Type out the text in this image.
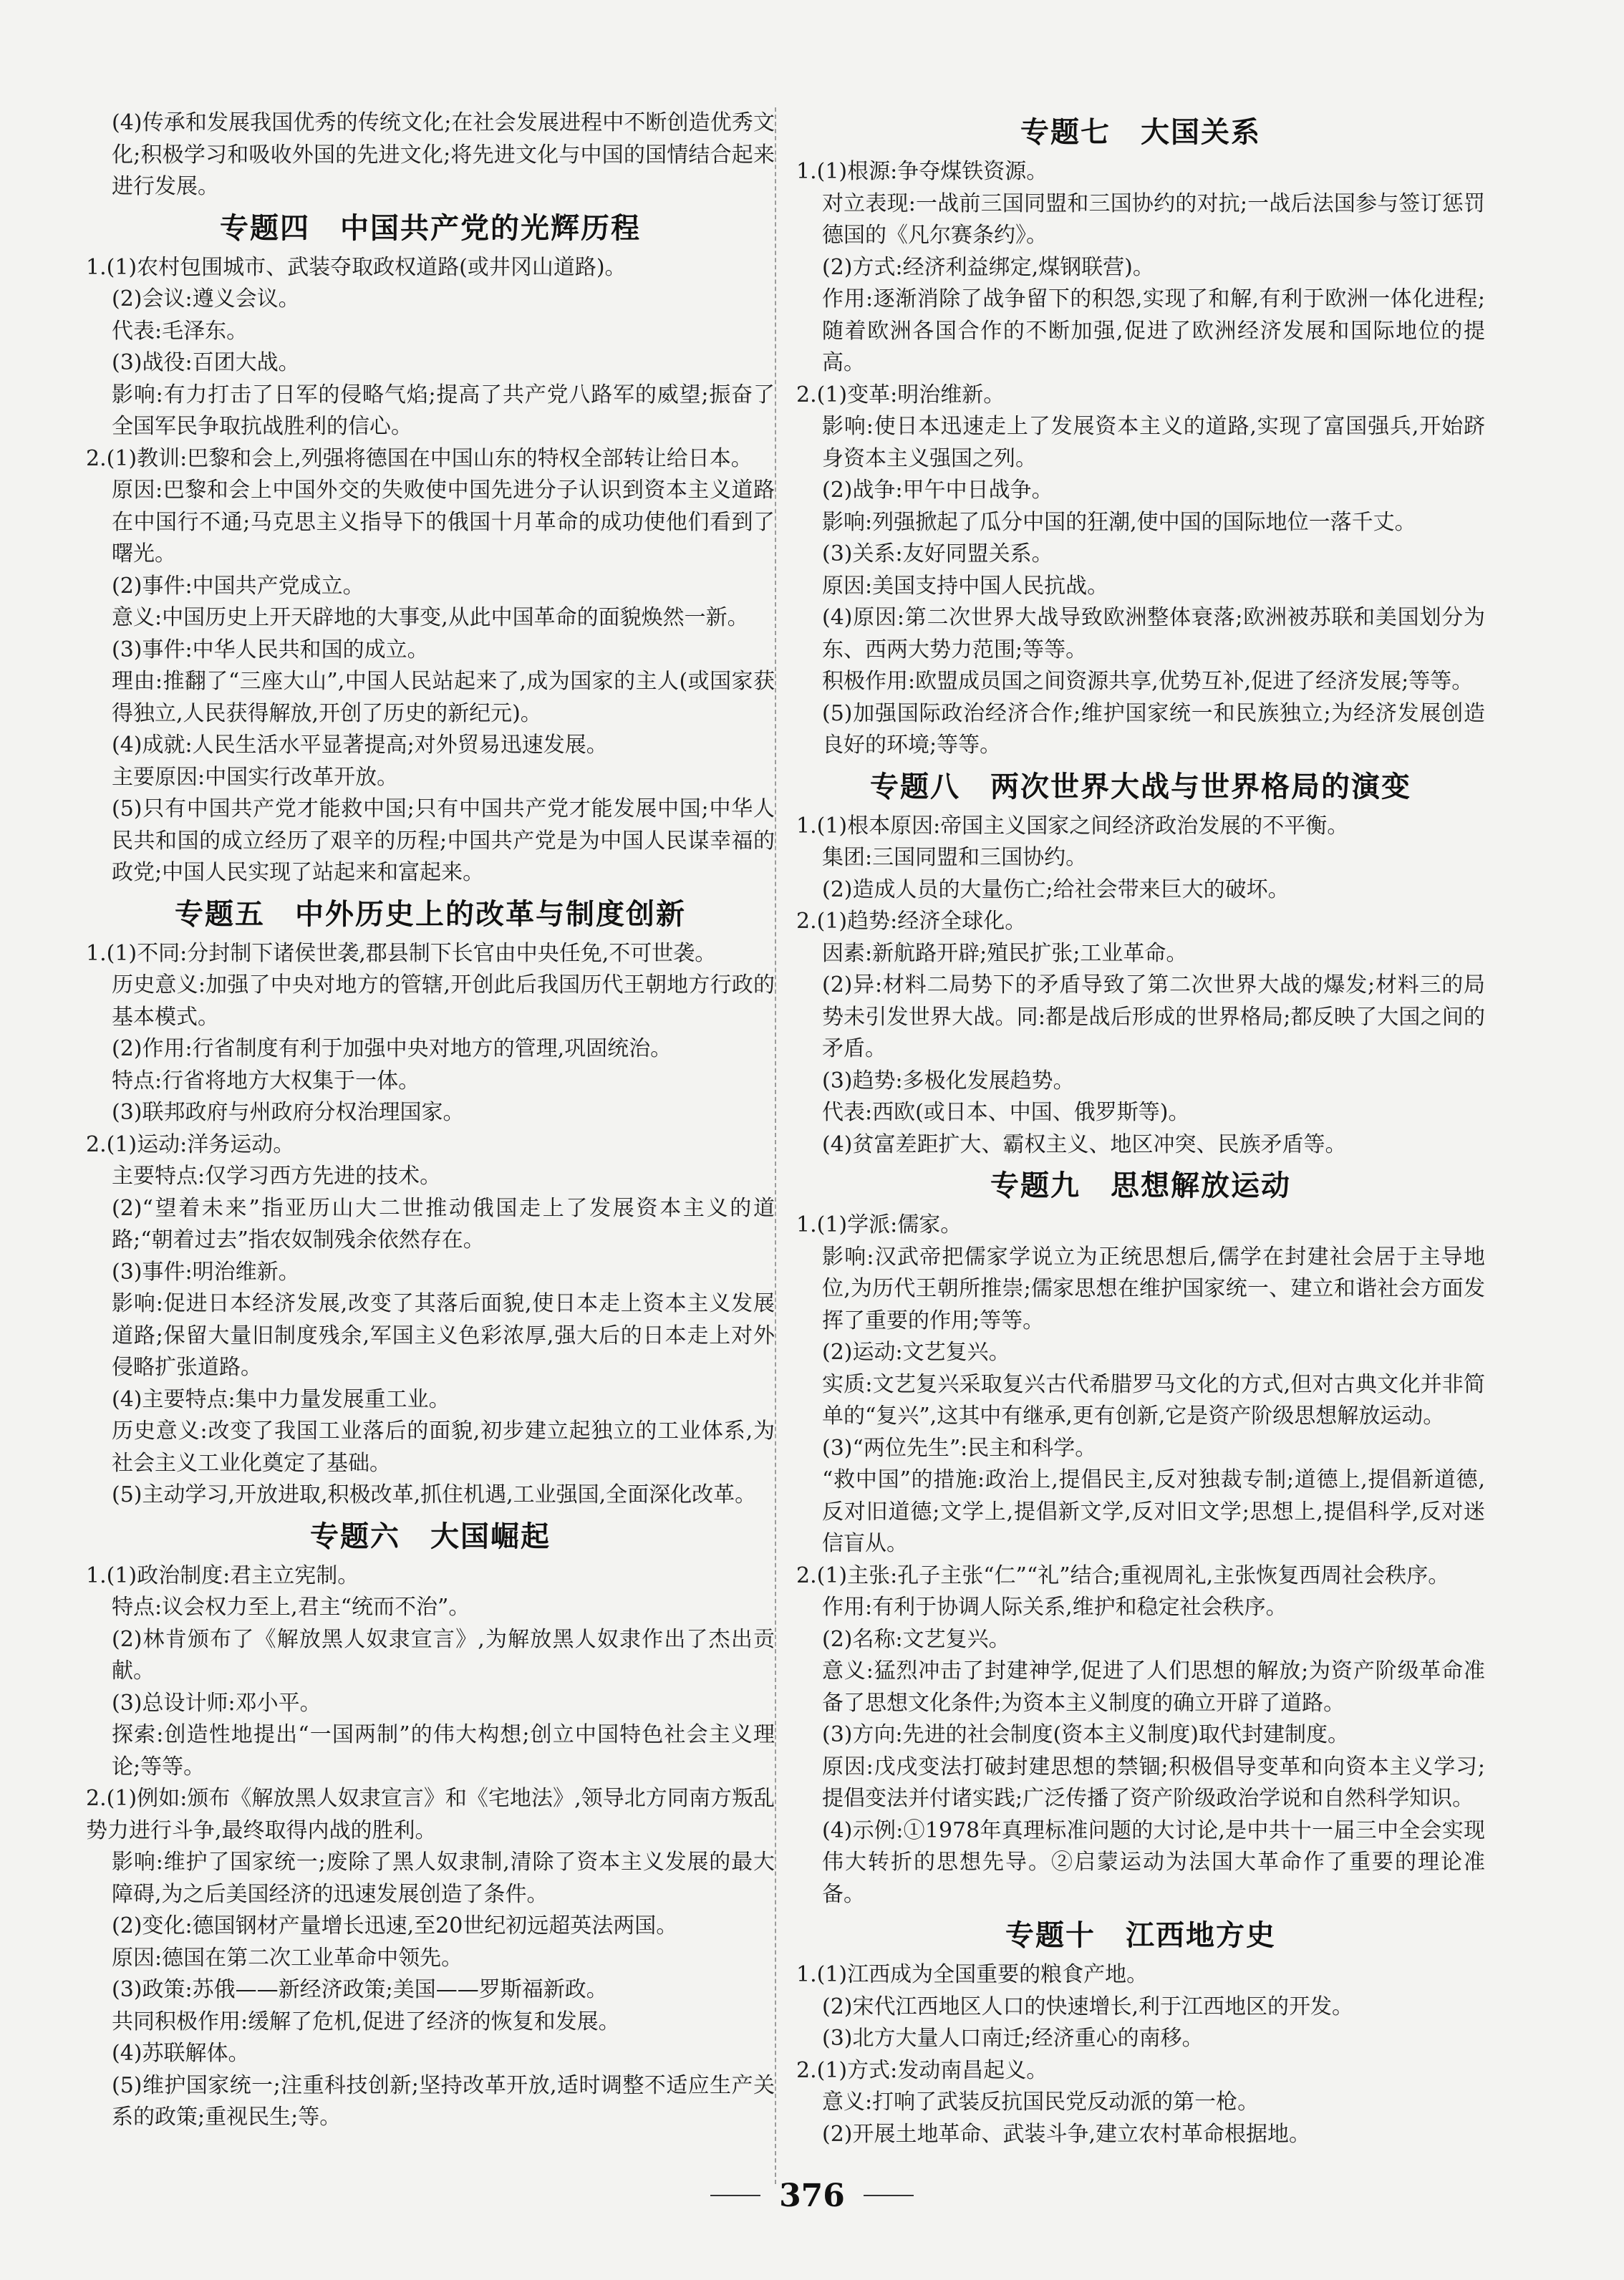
(4)传承和发展我国优秀的传统文化;在社会发展进程中不断创造优秀文化;积极学习和吸收外国的先进文化;将先进文化与中国的国情结合起来进行发展。

专题四　中国共产党的光辉历程

1.(1)农村包围城市、武装夺取政权道路(或井冈山道路)。

(2)会议:遵义会议。

代表:毛泽东。

(3)战役:百团大战。

影响:有力打击了日军的侵略气焰;提高了共产党八路军的威望;振奋了全国军民争取抗战胜利的信心。

2.(1)教训:巴黎和会上,列强将德国在中国山东的特权全部转让给日本。

原因:巴黎和会上中国外交的失败使中国先进分子认识到资本主义道路在中国行不通;马克思主义指导下的俄国十月革命的成功使他们看到了曙光。

(2)事件:中国共产党成立。

意义:中国历史上开天辟地的大事变,从此中国革命的面貌焕然一新。

(3)事件:中华人民共和国的成立。

理由:推翻了“三座大山”,中国人民站起来了,成为国家的主人(或国家获得独立,人民获得解放,开创了历史的新纪元)。

(4)成就:人民生活水平显著提高;对外贸易迅速发展。

主要原因:中国实行改革开放。

(5)只有中国共产党才能救中国;只有中国共产党才能发展中国;中华人民共和国的成立经历了艰辛的历程;中国共产党是为中国人民谋幸福的政党;中国人民实现了站起来和富起来。

专题五　中外历史上的改革与制度创新

1.(1)不同:分封制下诸侯世袭,郡县制下长官由中央任免,不可世袭。

历史意义:加强了中央对地方的管辖,开创此后我国历代王朝地方行政的基本模式。

(2)作用:行省制度有利于加强中央对地方的管理,巩固统治。

特点:行省将地方大权集于一体。

(3)联邦政府与州政府分权治理国家。

2.(1)运动:洋务运动。

主要特点:仅学习西方先进的技术。

(2)“望着未来”指亚历山大二世推动俄国走上了发展资本主义的道路;“朝着过去”指农奴制残余依然存在。

(3)事件:明治维新。

影响:促进日本经济发展,改变了其落后面貌,使日本走上资本主义发展道路;保留大量旧制度残余,军国主义色彩浓厚,强大后的日本走上对外侵略扩张道路。

(4)主要特点:集中力量发展重工业。

历史意义:改变了我国工业落后的面貌,初步建立起独立的工业体系,为社会主义工业化奠定了基础。

(5)主动学习,开放进取,积极改革,抓住机遇,工业强国,全面深化改革。

专题六　大国崛起

1.(1)政治制度:君主立宪制。

特点:议会权力至上,君主“统而不治”。

(2)林肯颁布了《解放黑人奴隶宣言》,为解放黑人奴隶作出了杰出贡献。

(3)总设计师:邓小平。

探索:创造性地提出“一国两制”的伟大构想;创立中国特色社会主义理论;等等。

2.(1)例如:颁布《解放黑人奴隶宣言》和《宅地法》,领导北方同南方叛乱势力进行斗争,最终取得内战的胜利。

影响:维护了国家统一;废除了黑人奴隶制,清除了资本主义发展的最大障碍,为之后美国经济的迅速发展创造了条件。

(2)变化:德国钢材产量增长迅速,至20世纪初远超英法两国。

原因:德国在第二次工业革命中领先。

(3)政策:苏俄——新经济政策;美国——罗斯福新政。

共同积极作用:缓解了危机,促进了经济的恢复和发展。

(4)苏联解体。

(5)维护国家统一;注重科技创新;坚持改革开放,适时调整不适应生产关系的政策;重视民生;等。

专题七　大国关系

1.(1)根源:争夺煤铁资源。

对立表现:一战前三国同盟和三国协约的对抗;一战后法国参与签订惩罚德国的《凡尔赛条约》。

(2)方式:经济利益绑定,煤钢联营)。

作用:逐渐消除了战争留下的积怨,实现了和解,有利于欧洲一体化进程;随着欧洲各国合作的不断加强,促进了欧洲经济发展和国际地位的提高。

2.(1)变革:明治维新。

影响:使日本迅速走上了发展资本主义的道路,实现了富国强兵,开始跻身资本主义强国之列。

(2)战争:甲午中日战争。

影响:列强掀起了瓜分中国的狂潮,使中国的国际地位一落千丈。

(3)关系:友好同盟关系。

原因:美国支持中国人民抗战。

(4)原因:第二次世界大战导致欧洲整体衰落;欧洲被苏联和美国划分为东、西两大势力范围;等等。

积极作用:欧盟成员国之间资源共享,优势互补,促进了经济发展;等等。

(5)加强国际政治经济合作;维护国家统一和民族独立;为经济发展创造良好的环境;等等。

专题八　两次世界大战与世界格局的演变

1.(1)根本原因:帝国主义国家之间经济政治发展的不平衡。

集团:三国同盟和三国协约。

(2)造成人员的大量伤亡;给社会带来巨大的破坏。

2.(1)趋势:经济全球化。

因素:新航路开辟;殖民扩张;工业革命。

(2)异:材料二局势下的矛盾导致了第二次世界大战的爆发;材料三的局势未引发世界大战。同:都是战后形成的世界格局;都反映了大国之间的矛盾。

(3)趋势:多极化发展趋势。

代表:西欧(或日本、中国、俄罗斯等)。

(4)贫富差距扩大、霸权主义、地区冲突、民族矛盾等。

专题九　思想解放运动

1.(1)学派:儒家。

影响:汉武帝把儒家学说立为正统思想后,儒学在封建社会居于主导地位,为历代王朝所推崇;儒家思想在维护国家统一、建立和谐社会方面发挥了重要的作用;等等。

(2)运动:文艺复兴。

实质:文艺复兴采取复兴古代希腊罗马文化的方式,但对古典文化并非简单的“复兴”,这其中有继承,更有创新,它是资产阶级思想解放运动。

(3)“两位先生”:民主和科学。

“救中国”的措施:政治上,提倡民主,反对独裁专制;道德上,提倡新道德,反对旧道德;文学上,提倡新文学,反对旧文学;思想上,提倡科学,反对迷信盲从。

2.(1)主张:孔子主张“仁”“礼”结合;重视周礼,主张恢复西周社会秩序。

作用:有利于协调人际关系,维护和稳定社会秩序。

(2)名称:文艺复兴。

意义:猛烈冲击了封建神学,促进了人们思想的解放;为资产阶级革命准备了思想文化条件;为资本主义制度的确立开辟了道路。

(3)方向:先进的社会制度(资本主义制度)取代封建制度。

原因:戊戌变法打破封建思想的禁锢;积极倡导变革和向资本主义学习;提倡变法并付诸实践;广泛传播了资产阶级政治学说和自然科学知识。

(4)示例:①1978年真理标准问题的大讨论,是中共十一届三中全会实现伟大转折的思想先导。②启蒙运动为法国大革命作了重要的理论准备。

专题十　江西地方史

1.(1)江西成为全国重要的粮食产地。

(2)宋代江西地区人口的快速增长,利于江西地区的开发。

(3)北方大量人口南迁;经济重心的南移。

2.(1)方式:发动南昌起义。

意义:打响了武装反抗国民党反动派的第一枪。

(2)开展土地革命、武装斗争,建立农村革命根据地。

376
